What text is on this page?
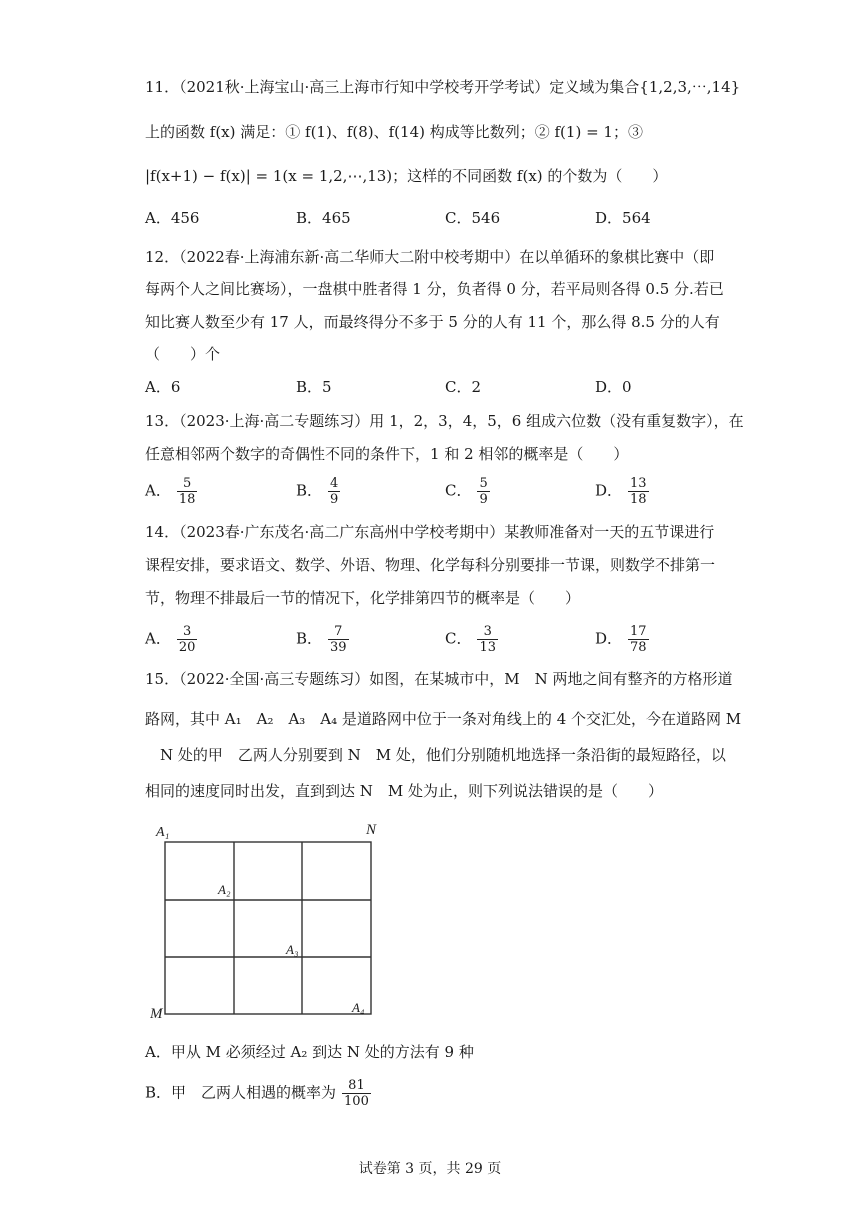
11．（2021秋·上海宝山·高三上海市行知中学校考开学考试）定义域为集合{1,2,3,⋯,14}
上的函数 f(x) 满足：① f(1)、f(8)、f(14) 构成等比数列；② f(1) = 1；③
|f(x+1) − f(x)| = 1(x = 1,2,⋯,13)；这样的不同函数 f(x) 的个数为（　　）
A．456	B．465	C．546	D．564
12．（2022春·上海浦东新·高二华师大二附中校考期中）在以单循环的象棋比赛中（即
每两个人之间比赛场），一盘棋中胜者得 1 分，负者得 0 分，若平局则各得 0.5 分.若已
知比赛人数至少有 17 人，而最终得分不多于 5 分的人有 11 个，那么得 8.5 分的人有
（　　）个
A．6	B．5	C．2	D．0
13．（2023·上海·高二专题练习）用 1，2，3，4，5，6 组成六位数（没有重复数字），在
任意相邻两个数字的奇偶性不同的条件下，1 和 2 相邻的概率是（　　）
A． $\frac{5}{18}$	B． $\frac{4}{9}$	C． $\frac{5}{9}$	D． $\frac{13}{18}$
14．（2023春·广东茂名·高二广东高州中学校考期中）某教师准备对一天的五节课进行
课程安排，要求语文、数学、外语、物理、化学每科分别要排一节课，则数学不排第一
节，物理不排最后一节的情况下，化学排第四节的概率是（　　）
A． $\frac{3}{20}$	B． $\frac{7}{39}$	C． $\frac{3}{13}$	D． $\frac{17}{78}$
15．（2022·全国·高三专题练习）如图，在某城市中，M　N 两地之间有整齐的方格形道
路网，其中 A₁　A₂　A₃　A₄ 是道路网中位于一条对角线上的 4 个交汇处，今在道路网 M
　N 处的甲　乙两人分别要到 N　M 处，他们分别随机地选择一条沿街的最短路径，以
相同的速度同时出发，直到到达 N　M 处为止，则下列说法错误的是（　　）
A₁	N
A₂
A₃
A₄
M
A．甲从 M 必须经过 A₂ 到达 N 处的方法有 9 种
B．甲　乙两人相遇的概率为 $\frac{81}{100}$
试卷第 3 页，共 29 页
